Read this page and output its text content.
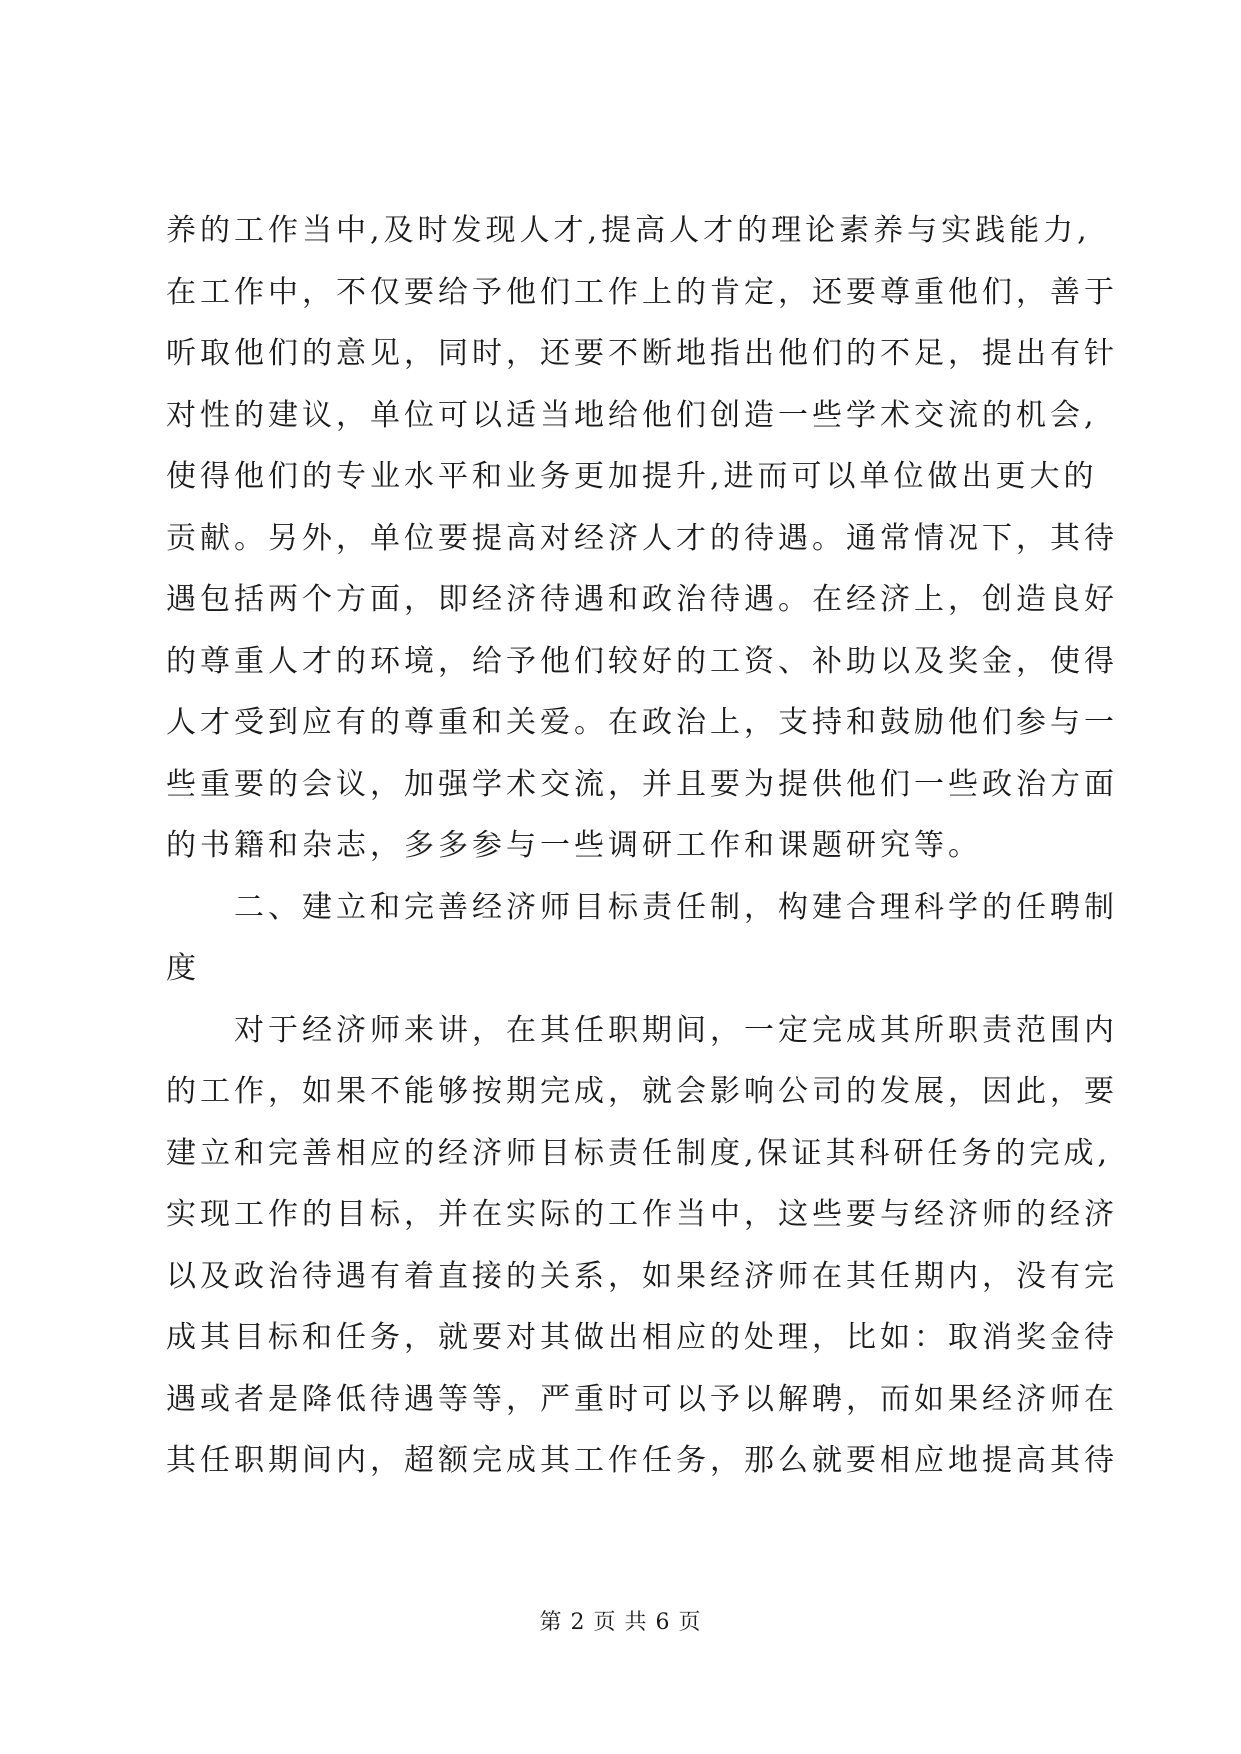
养的工作当中,及时发现人才,提高人才的理论素养与实践能力,
在工作中，不仅要给予他们工作上的肯定，还要尊重他们，善于
听取他们的意见，同时，还要不断地指出他们的不足，提出有针
对性的建议，单位可以适当地给他们创造一些学术交流的机会,
使得他们的专业水平和业务更加提升,进而可以单位做出更大的
贡献。另外，单位要提高对经济人才的待遇。通常情况下，其待
遇包括两个方面，即经济待遇和政治待遇。在经济上，创造良好
的尊重人才的环境，给予他们较好的工资、补助以及奖金，使得
人才受到应有的尊重和关爱。在政治上，支持和鼓励他们参与一
些重要的会议，加强学术交流，并且要为提供他们一些政治方面
的书籍和杂志，多多参与一些调研工作和课题研究等。
二、建立和完善经济师目标责任制，构建合理科学的任聘制
度
对于经济师来讲，在其任职期间，一定完成其所职责范围内
的工作，如果不能够按期完成，就会影响公司的发展，因此，要
建立和完善相应的经济师目标责任制度,保证其科研任务的完成,
实现工作的目标，并在实际的工作当中，这些要与经济师的经济
以及政治待遇有着直接的关系，如果经济师在其任期内，没有完
成其目标和任务，就要对其做出相应的处理，比如：取消奖金待
遇或者是降低待遇等等，严重时可以予以解聘，而如果经济师在
其任职期间内，超额完成其工作任务，那么就要相应地提高其待
第 2 页 共 6 页
